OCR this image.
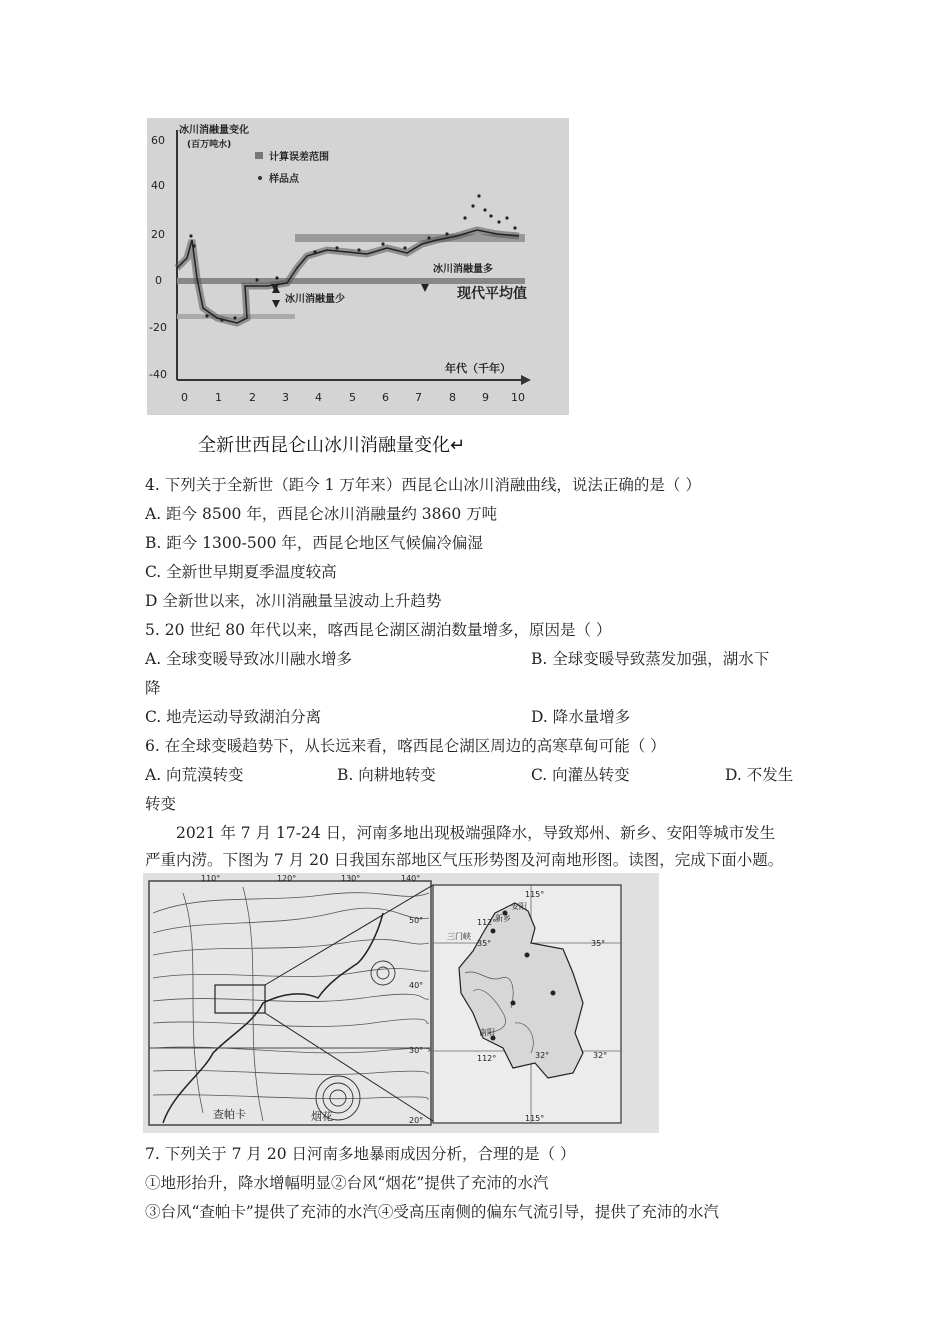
60
40
20
0
-20
-40
冰川消融量变化
(百万吨水)
计算误差范围
样品点
冰川消融量多
冰川消融量少	现代平均值
年代（千年）
0 1 2 3 4 5 6 7 8 9 10
全新世西昆仑山冰川消融量变化↵
4. 下列关于全新世（距今 1 万年来）西昆仑山冰川消融曲线，说法正确的是（ ）
A. 距今 8500 年，西昆仑冰川消融量约 3860 万吨
B. 距今 1300-500 年，西昆仑地区气候偏冷偏湿
C. 全新世早期夏季温度较高
D 全新世以来，冰川消融量呈波动上升趋势
5. 20 世纪 80 年代以来，喀西昆仑湖区湖泊数量增多，原因是（ ）
A. 全球变暖导致冰川融水增多	B. 全球变暖导致蒸发加强，湖水下
降
C. 地壳运动导致湖泊分离	D. 降水量增多
6. 在全球变暖趋势下，从长远来看，喀西昆仑湖区周边的高寒草甸可能（ ）
A. 向荒漠转变	B. 向耕地转变	C. 向灌丛转变	D. 不发生
转变
2021 年 7 月 17-24 日，河南多地出现极端强降水，导致郑州、新乡、安阳等城市发生
严重内涝。下图为 7 月 20 日我国东部地区气压形势图及河南地形图。读图，完成下面小题。
烟花
查帕卡
110°	120°	130°	140°
50°
40°
30°
20°
115°
112°
112°
115°
35°	35°
32°	32°
三门峡
安阳
新乡
南阳
7. 下列关于 7 月 20 日河南多地暴雨成因分析，合理的是（ ）
①地形抬升，降水增幅明显②台风“烟花”提供了充沛的水汽
③台风“查帕卡”提供了充沛的水汽④受高压南侧的偏东气流引导，提供了充沛的水汽
